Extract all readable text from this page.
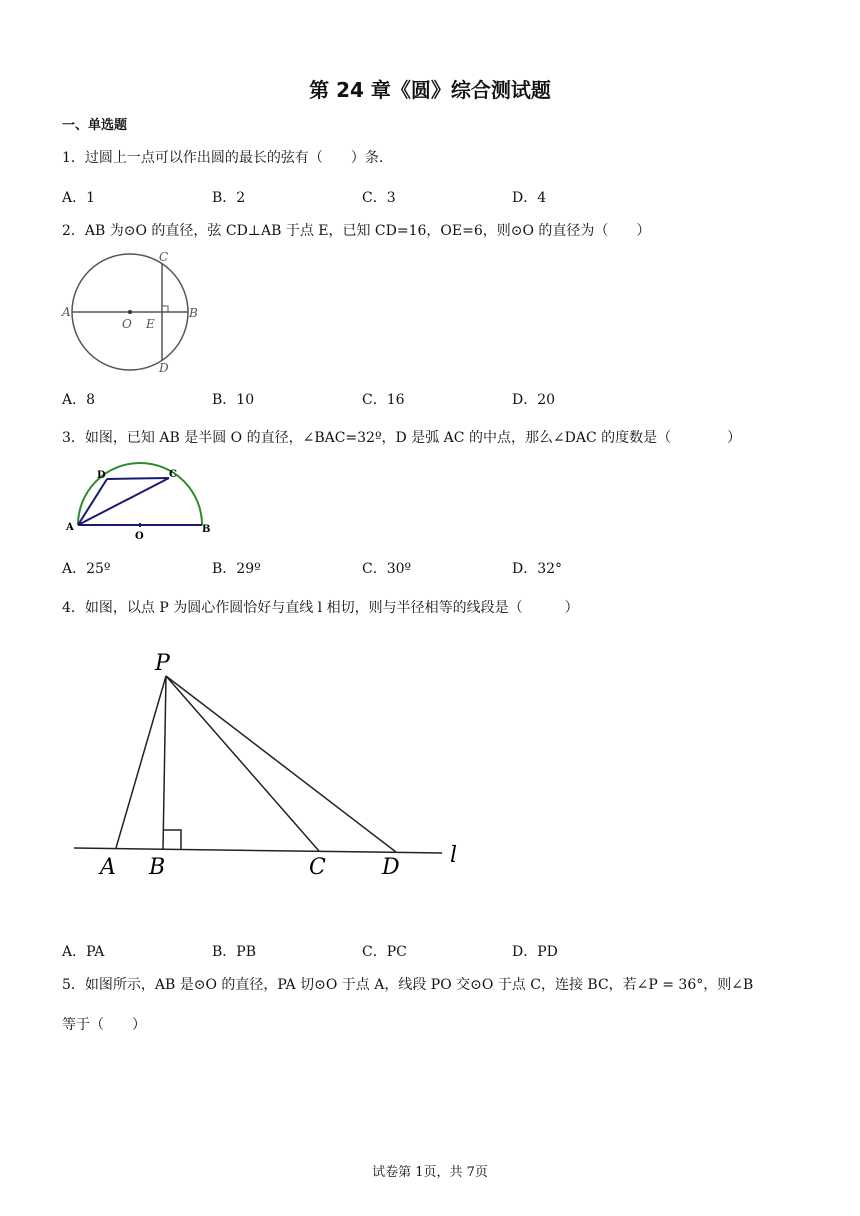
第 24 章《圆》综合测试题
一、单选题
1．过圆上一点可以作出圆的最长的弦有（　　）条.
A．1	B．2	C．3	D．4
2．AB 为⊙O 的直径，弦 CD⊥AB 于点 E，已知 CD=16，OE=6，则⊙O 的直径为（　　）
A	B
C
D
O E
A．8	B．10	C．16	D．20
3．如图，已知 AB 是半圆 O 的直径，∠BAC=32º，D 是弧 AC 的中点，那么∠DAC 的度数是（　　　　）
A	B
C
D
O
A．25º	B．29º	C．30º	D．32°
4．如图，以点 P 为圆心作圆恰好与直线 l 相切，则与半径相等的线段是（　　　）
P
A B	C	D l
A．PA	B．PB	C．PC	D．PD
5．如图所示，AB 是⊙O 的直径，PA 切⊙O 于点 A，线段 PO 交⊙O 于点 C，连接 BC，若∠P = 36°，则∠B
等于（　　）
试卷第 1页，共 7页
